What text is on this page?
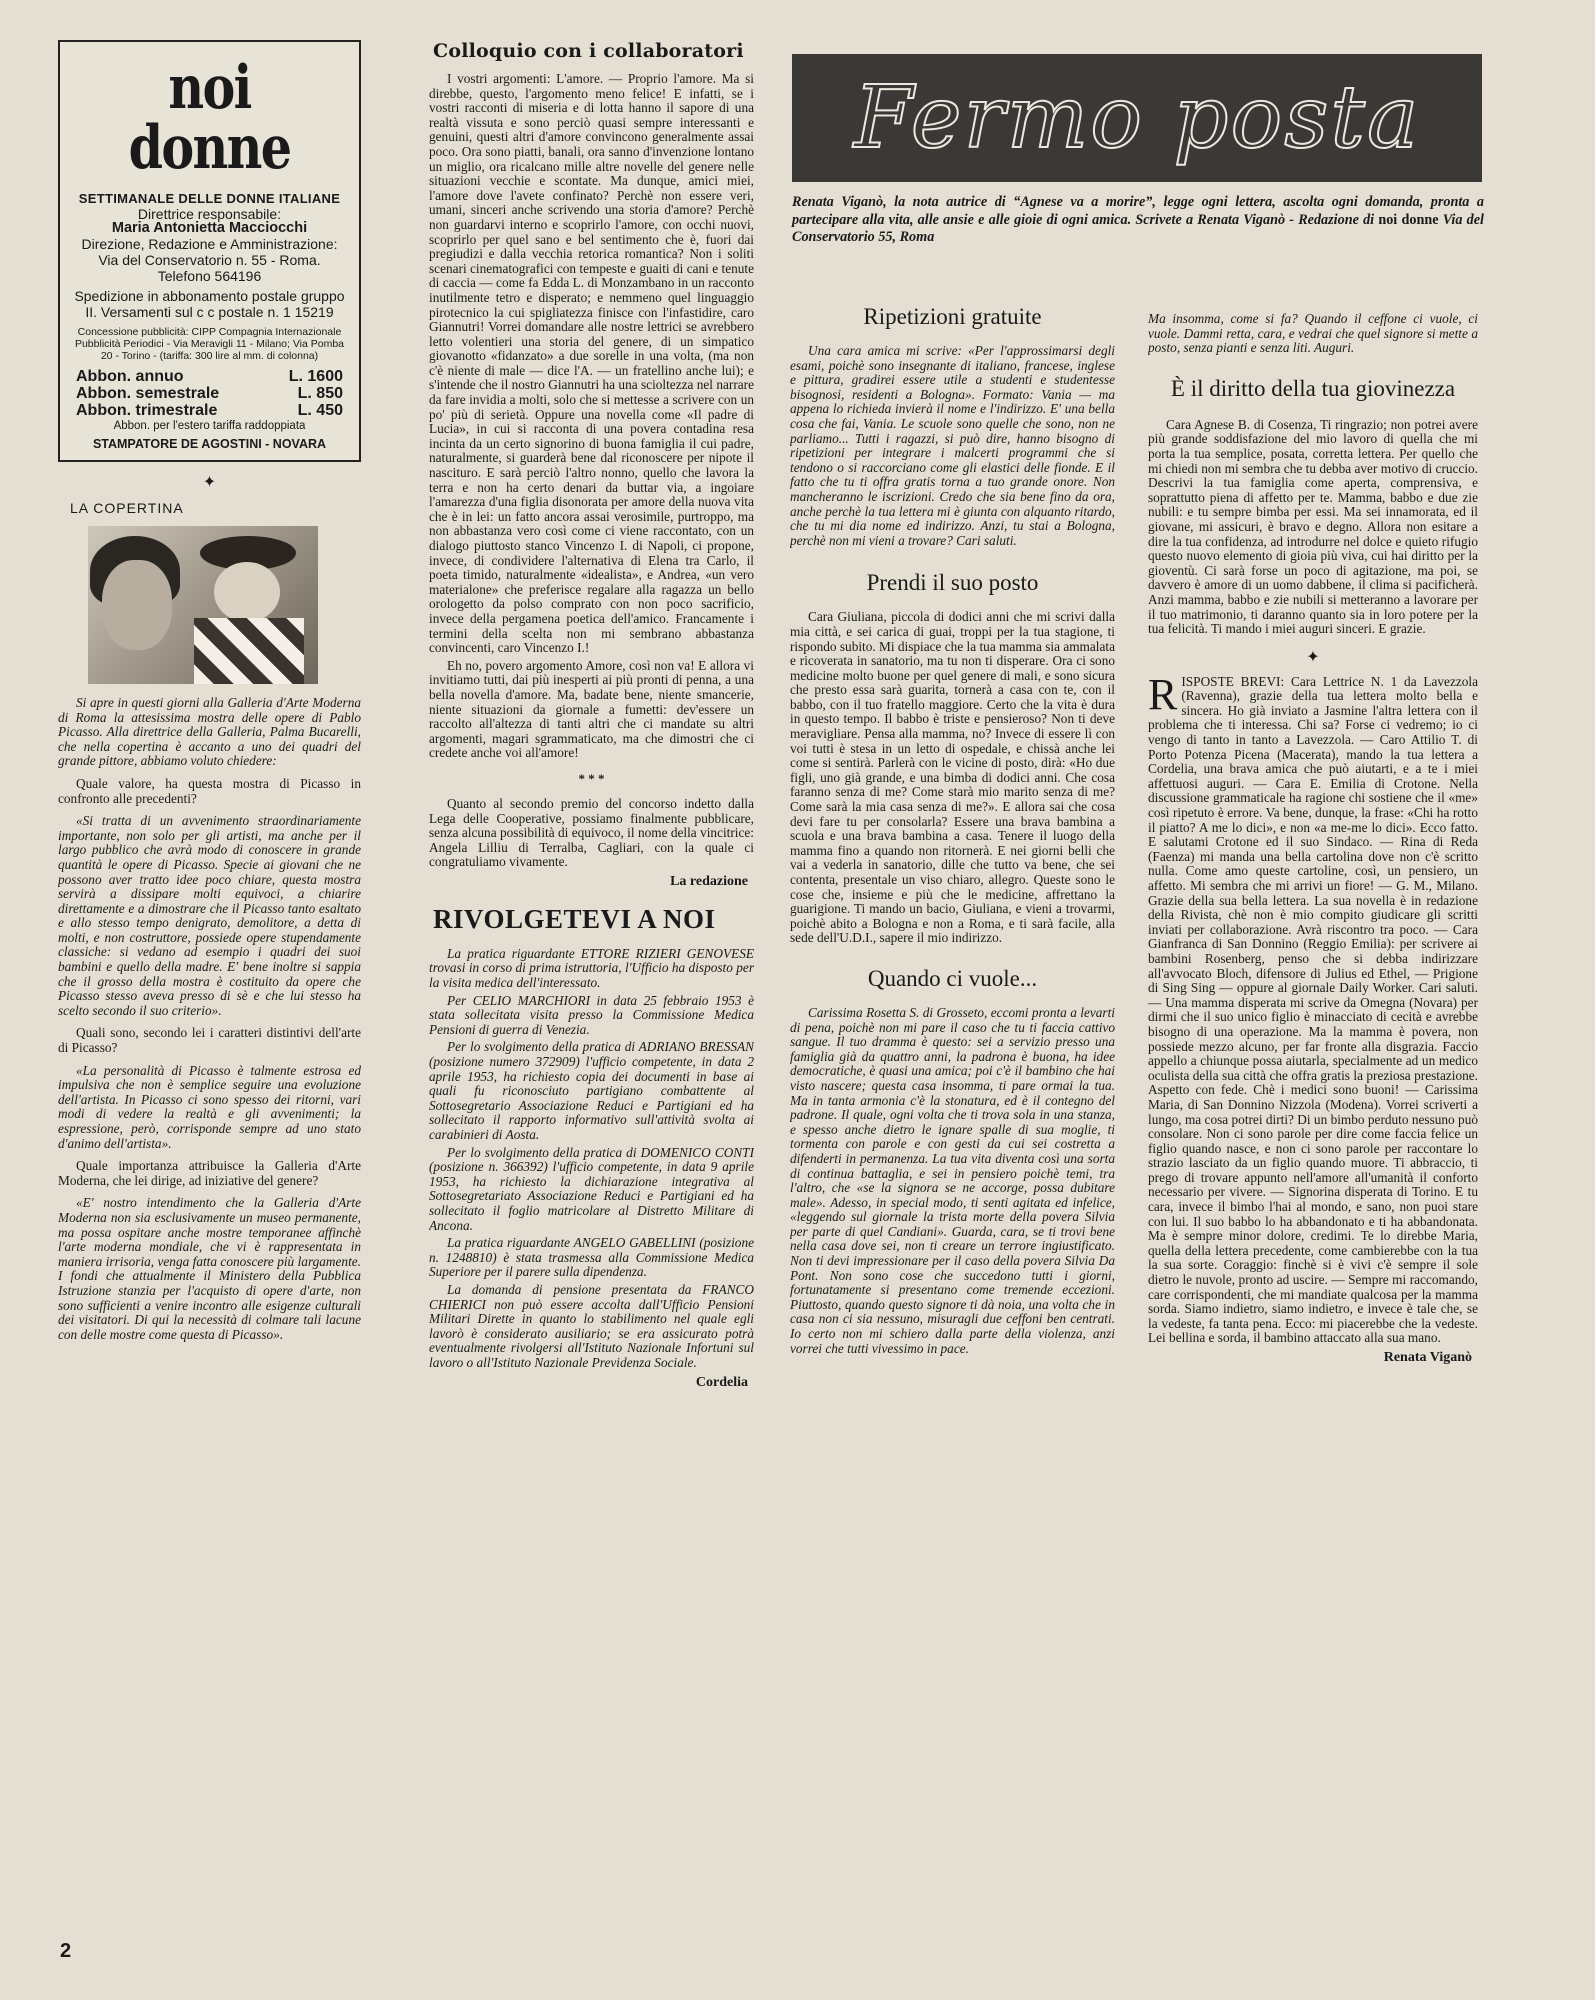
noi donne

SETTIMANALE DELLE DONNE ITALIANE

Direttrice responsabile:

Maria Antonietta Macciocchi

Direzione, Redazione e Amministrazione: Via del Conservatorio n. 55 - Roma. Telefono 564196

Spedizione in abbonamento postale gruppo II. Versamenti sul c c postale n. 1 15219

Concessione pubblicità: CIPP Compagnia Internazionale Pubblicità Periodici - Via Meravigli 11 - Milano; Via Pomba 20 - Torino - (tariffa: 300 lire al mm. di colonna)

Abbon. annuo	L. 1600
Abbon. semestrale	L. 850
Abbon. trimestrale	L. 450

Abbon. per l'estero tariffa raddoppiata

STAMPATORE DE AGOSTINI - NOVARA

✦
LA COPERTINA

Si apre in questi giorni alla Galleria d'Arte Moderna di Roma la attesissima mostra delle opere di Pablo Picasso. Alla direttrice della Galleria, Palma Bucarelli, che nella copertina è accanto a uno dei quadri del grande pittore, abbiamo voluto chiedere:

Quale valore, ha questa mostra di Picasso in confronto alle precedenti?

«Si tratta di un avvenimento straordinariamente importante, non solo per gli artisti, ma anche per il largo pubblico che avrà modo di conoscere in grande quantità le opere di Picasso. Specie ai giovani che ne possono aver tratto idee poco chiare, questa mostra servirà a dissipare molti equivoci, a chiarire direttamente e a dimostrare che il Picasso tanto esaltato e allo stesso tempo denigrato, demolitore, a detta di molti, e non costruttore, possiede opere stupendamente classiche: si vedano ad esempio i quadri dei suoi bambini e quello della madre. E' bene inoltre si sappia che il grosso della mostra è costituito da opere che Picasso stesso aveva presso di sè e che lui stesso ha scelto secondo il suo criterio».

Quali sono, secondo lei i caratteri distintivi dell'arte di Picasso?

«La personalità di Picasso è talmente estrosa ed impulsiva che non è semplice seguire una evoluzione dell'artista. In Picasso ci sono spesso dei ritorni, vari modi di vedere la realtà e gli avvenimenti; la espressione, però, corrisponde sempre ad uno stato d'animo dell'artista».

Quale importanza attribuisce la Galleria d'Arte Moderna, che lei dirige, ad iniziative del genere?

«E' nostro intendimento che la Galleria d'Arte Moderna non sia esclusivamente un museo permanente, ma possa ospitare anche mostre temporanee affinchè l'arte moderna mondiale, che vi è rappresentata in maniera irrisoria, venga fatta conoscere più largamente. I fondi che attualmente il Ministero della Pubblica Istruzione stanzia per l'acquisto di opere d'arte, non sono sufficienti a venire incontro alle esigenze culturali dei visitatori. Di qui la necessità di colmare tali lacune con delle mostre come questa di Picasso».

Colloquio con i collaboratori

I vostri argomenti: L'amore. — Proprio l'amore. Ma si direbbe, questo, l'argomento meno felice! E infatti, se i vostri racconti di miseria e di lotta hanno il sapore di una realtà vissuta e sono perciò quasi sempre interessanti e genuini, questi altri d'amore convincono generalmente assai poco. Ora sono piatti, banali, ora sanno d'invenzione lontano un miglio, ora ricalcano mille altre novelle del genere nelle situazioni vecchie e scontate. Ma dunque, amici miei, l'amore dove l'avete confinato? Perchè non essere veri, umani, sinceri anche scrivendo una storia d'amore? Perchè non guardarvi interno e scoprirlo l'amore, con occhi nuovi, scoprirlo per quel sano e bel sentimento che è, fuori dai pregiudizi e dalla vecchia retorica romantica? Non i soliti scenari cinematografici con tempeste e guaiti di cani e tenute di caccia — come fa Edda L. di Monzambano in un racconto inutilmente tetro e disperato; e nemmeno quel linguaggio pirotecnico la cui spigliatezza finisce con l'infastidire, caro Giannutri! Vorrei domandare alle nostre lettrici se avrebbero letto volentieri una storia del genere, di un simpatico giovanotto «fidanzato» a due sorelle in una volta, (ma non c'è niente di male — dice l'A. — un fratellino anche lui); e s'intende che il nostro Giannutri ha una scioltezza nel narrare da fare invidia a molti, solo che si mettesse a scrivere con un po' più di serietà. Oppure una novella come «Il padre di Lucia», in cui si racconta di una povera contadina resa incinta da un certo signorino di buona famiglia il cui padre, naturalmente, si guarderà bene dal riconoscere per nipote il nascituro. E sarà perciò l'altro nonno, quello che lavora la terra e non ha certo denari da buttar via, a ingoiare l'amarezza d'una figlia disonorata per amore della nuova vita che è in lei: un fatto ancora assai verosimile, purtroppo, ma non abbastanza vero così come ci viene raccontato, con un dialogo piuttosto stanco Vincenzo I. di Napoli, ci propone, invece, di condividere l'alternativa di Elena tra Carlo, il poeta timido, naturalmente «idealista», e Andrea, «un vero materialone» che preferisce regalare alla ragazza un bello orologetto da polso comprato con non poco sacrificio, invece della pergamena poetica dell'amico. Francamente i termini della scelta non mi sembrano abbastanza convincenti, caro Vincenzo I.!

Eh no, povero argomento Amore, così non va! E allora vi invitiamo tutti, dai più inesperti ai più pronti di penna, a una bella novella d'amore. Ma, badate bene, niente smancerie, niente situazioni da giornale a fumetti: dev'essere un raccolto all'altezza di tanti altri che ci mandate su altri argomenti, magari sgrammaticato, ma che dimostri che ci credete anche voi all'amore!

* * *

Quanto al secondo premio del concorso indetto dalla Lega delle Cooperative, possiamo finalmente pubblicare, senza alcuna possibilità di equivoco, il nome della vincitrice: Angela Lilliu di Terralba, Cagliari, con la quale ci congratuliamo vivamente.

La redazione
RIVOLGETEVI A NOI

La pratica riguardante ETTORE RIZIERI GENOVESE trovasi in corso di prima istruttoria, l'Ufficio ha disposto per la visita medica dell'interessato.

Per CELIO MARCHIORI in data 25 febbraio 1953 è stata sollecitata visita presso la Commissione Medica Pensioni di guerra di Venezia.

Per lo svolgimento della pratica di ADRIANO BRESSAN (posizione numero 372909) l'ufficio competente, in data 2 aprile 1953, ha richiesto copia dei documenti in base ai quali fu riconosciuto partigiano combattente al Sottosegretario Associazione Reduci e Partigiani ed ha sollecitato il rapporto informativo sull'attività svolta ai carabinieri di Aosta.

Per lo svolgimento della pratica di DOMENICO CONTI (posizione n. 366392) l'ufficio competente, in data 9 aprile 1953, ha richiesto la dichiarazione integrativa al Sottosegretariato Associazione Reduci e Partigiani ed ha sollecitato il foglio matricolare al Distretto Militare di Ancona.

La pratica riguardante ANGELO GABELLINI (posizione n. 1248810) è stata trasmessa alla Commissione Medica Superiore per il parere sulla dipendenza.

La domanda di pensione presentata da FRANCO CHIERICI non può essere accolta dall'Ufficio Pensioni Militari Dirette in quanto lo stabilimento nel quale egli lavorò è considerato ausiliario; se era assicurato potrà eventualmente rivolgersi all'Istituto Nazionale Infortuni sul lavoro o all'Istituto Nazionale Previdenza Sociale.

Cordelia
Fermo posta
Renata Viganò, la nota autrice di “Agnese va a morire”, legge ogni lettera, ascolta ogni domanda, pronta a partecipare alla vita, alle ansie e alle gioie di ogni amica. Scrivete a Renata Viganò - Redazione di noi donne Via del Conservatorio 55, Roma
Ripetizioni gratuite

Una cara amica mi scrive: «Per l'approssimarsi degli esami, poichè sono insegnante di italiano, francese, inglese e pittura, gradirei essere utile a studenti e studentesse bisognosi, residenti a Bologna». Formato: Vania — ma appena lo richieda invierà il nome e l'indirizzo. E' una bella cosa che fai, Vania. Le scuole sono quelle che sono, non ne parliamo... Tutti i ragazzi, si può dire, hanno bisogno di ripetizioni per integrare i malcerti programmi che si tendono o si raccorciano come gli elastici delle fionde. E il fatto che tu ti offra gratis torna a tuo grande onore. Non mancheranno le iscrizioni. Credo che sia bene fino da ora, anche perchè la tua lettera mi è giunta con alquanto ritardo, che tu mi dia nome ed indirizzo. Anzi, tu stai a Bologna, perchè non mi vieni a trovare? Cari saluti.

Prendi il suo posto

Cara Giuliana, piccola di dodici anni che mi scrivi dalla mia città, e sei carica di guai, troppi per la tua stagione, ti rispondo subito. Mi dispiace che la tua mamma sia ammalata e ricoverata in sanatorio, ma tu non ti disperare. Ora ci sono medicine molto buone per quel genere di mali, e sono sicura che presto essa sarà guarita, tornerà a casa con te, con il babbo, con il tuo fratello maggiore. Certo che la vita è dura in questo tempo. Il babbo è triste e pensieroso? Non ti deve meravigliare. Pensa alla mamma, no? Invece di essere lì con voi tutti è stesa in un letto di ospedale, e chissà anche lei come si sentirà. Parlerà con le vicine di posto, dirà: «Ho due figli, uno già grande, e una bimba di dodici anni. Che cosa faranno senza di me? Come starà mio marito senza di me? Come sarà la mia casa senza di me?». E allora sai che cosa devi fare tu per consolarla? Essere una brava bambina a scuola e una brava bambina a casa. Tenere il luogo della mamma fino a quando non ritornerà. E nei giorni belli che vai a vederla in sanatorio, dille che tutto va bene, che sei contenta, presentale un viso chiaro, allegro. Queste sono le cose che, insieme e più che le medicine, affrettano la guarigione. Ti mando un bacio, Giuliana, e vieni a trovarmi, poichè abito a Bologna e non a Roma, e ti sarà facile, alla sede dell'U.D.I., sapere il mio indirizzo.

Quando ci vuole...

Carissima Rosetta S. di Grosseto, eccomi pronta a levarti di pena, poichè non mi pare il caso che tu ti faccia cattivo sangue. Il tuo dramma è questo: sei a servizio presso una famiglia già da quattro anni, la padrona è buona, ha idee democratiche, è quasi una amica; poi c'è il bambino che hai visto nascere; questa casa insomma, ti pare ormai la tua. Ma in tanta armonia c'è la stonatura, ed è il contegno del padrone. Il quale, ogni volta che ti trova sola in una stanza, e spesso anche dietro le ignare spalle di sua moglie, ti tormenta con parole e con gesti da cui sei costretta a difenderti in permanenza. La tua vita diventa così una sorta di continua battaglia, e sei in pensiero poichè temi, tra l'altro, che «se la signora se ne accorge, possa dubitare male». Adesso, in special modo, ti senti agitata ed infelice, «leggendo sul giornale la trista morte della povera Silvia per parte di quel Candiani». Guarda, cara, se ti trovi bene nella casa dove sei, non ti creare un terrore ingiustificato. Non ti devi impressionare per il caso della povera Silvia Da Pont. Non sono cose che succedono tutti i giorni, fortunatamente si presentano come tremende eccezioni. Piuttosto, quando questo signore ti dà noia, una volta che in casa non ci sia nessuno, misuragli due ceffoni ben centrati. Io certo non mi schiero dalla parte della violenza, anzi vorrei che tutti vivessimo in pace.

Ma insomma, come si fa? Quando il ceffone ci vuole, ci vuole. Dammi retta, cara, e vedrai che quel signore si mette a posto, senza pianti e senza liti. Auguri.

È il diritto della tua giovinezza

Cara Agnese B. di Cosenza, Ti ringrazio; non potrei avere più grande soddisfazione del mio lavoro di quella che mi porta la tua semplice, posata, corretta lettera. Per quello che mi chiedi non mi sembra che tu debba aver motivo di cruccio. Descrivi la tua famiglia come aperta, comprensiva, e soprattutto piena di affetto per te. Mamma, babbo e due zie nubili: e tu sempre bimba per essi. Ma sei innamorata, ed il giovane, mi assicuri, è bravo e degno. Allora non esitare a dire la tua confidenza, ad introdurre nel dolce e quieto rifugio questo nuovo elemento di gioia più viva, cui hai diritto per la gioventù. Ci sarà forse un poco di agitazione, ma poi, se davvero è amore di un uomo dabbene, il clima si pacificherà. Anzi mamma, babbo e zie nubili si metteranno a lavorare per il tuo matrimonio, ti daranno quanto sia in loro potere per la tua felicità. Ti mando i miei auguri sinceri. E grazie.

✦

RISPOSTE BREVI: Cara Lettrice N. 1 da Lavezzola (Ravenna), grazie della tua lettera molto bella e sincera. Ho già inviato a Jasmine l'altra lettera con il problema che ti interessa. Chi sa? Forse ci vedremo; io ci vengo di tanto in tanto a Lavezzola. — Caro Attilio T. di Porto Potenza Picena (Macerata), mando la tua lettera a Cordelia, una brava amica che può aiutarti, e a te i miei affettuosi auguri. — Cara E. Emilia di Crotone. Nella discussione grammaticale ha ragione chi sostiene che il «me» così ripetuto è errore. Va bene, dunque, la frase: «Chi ha rotto il piatto? A me lo dici», e non «a me-me lo dici». Ecco fatto. E salutami Crotone ed il suo Sindaco. — Rina di Reda (Faenza) mi manda una bella cartolina dove non c'è scritto nulla. Come amo queste cartoline, così, un pensiero, un affetto. Mi sembra che mi arrivi un fiore! — G. M., Milano. Grazie della sua bella lettera. La sua novella è in redazione della Rivista, chè non è mio compito giudicare gli scritti inviati per collaborazione. Avrà riscontro tra poco. — Cara Gianfranca di San Donnino (Reggio Emilia): per scrivere ai bambini Rosenberg, penso che si debba indirizzare all'avvocato Bloch, difensore di Julius ed Ethel, — Prigione di Sing Sing — oppure al giornale Daily Worker. Cari saluti. — Una mamma disperata mi scrive da Omegna (Novara) per dirmi che il suo unico figlio è minacciato di cecità e avrebbe bisogno di una operazione. Ma la mamma è povera, non possiede mezzo alcuno, per far fronte alla disgrazia. Faccio appello a chiunque possa aiutarla, specialmente ad un medico oculista della sua città che offra gratis la preziosa prestazione. Aspetto con fede. Chè i medici sono buoni! — Carissima Maria, di San Donnino Nizzola (Modena). Vorrei scriverti a lungo, ma cosa potrei dirti? Di un bimbo perduto nessuno può consolare. Non ci sono parole per dire come faccia felice un figlio quando nasce, e non ci sono parole per raccontare lo strazio lasciato da un figlio quando muore. Ti abbraccio, ti prego di trovare appunto nell'amore all'umanità il conforto necessario per vivere. — Signorina disperata di Torino. E tu cara, invece il bimbo l'hai al mondo, e sano, non puoi stare con lui. Il suo babbo lo ha abbandonato e ti ha abbandonata. Ma è sempre minor dolore, credimi. Te lo direbbe Maria, quella della lettera precedente, come cambierebbe con la tua la sua sorte. Coraggio: finchè si è vivi c'è sempre il sole dietro le nuvole, pronto ad uscire. — Sempre mi raccomando, care corrispondenti, che mi mandiate qualcosa per la mamma sorda. Siamo indietro, siamo indietro, e invece è tale che, se la vedeste, fa tanta pena. Ecco: mi piacerebbe che la vedeste. Lei bellina e sorda, il bambino attaccato alla sua mano.

Renata Viganò
2
